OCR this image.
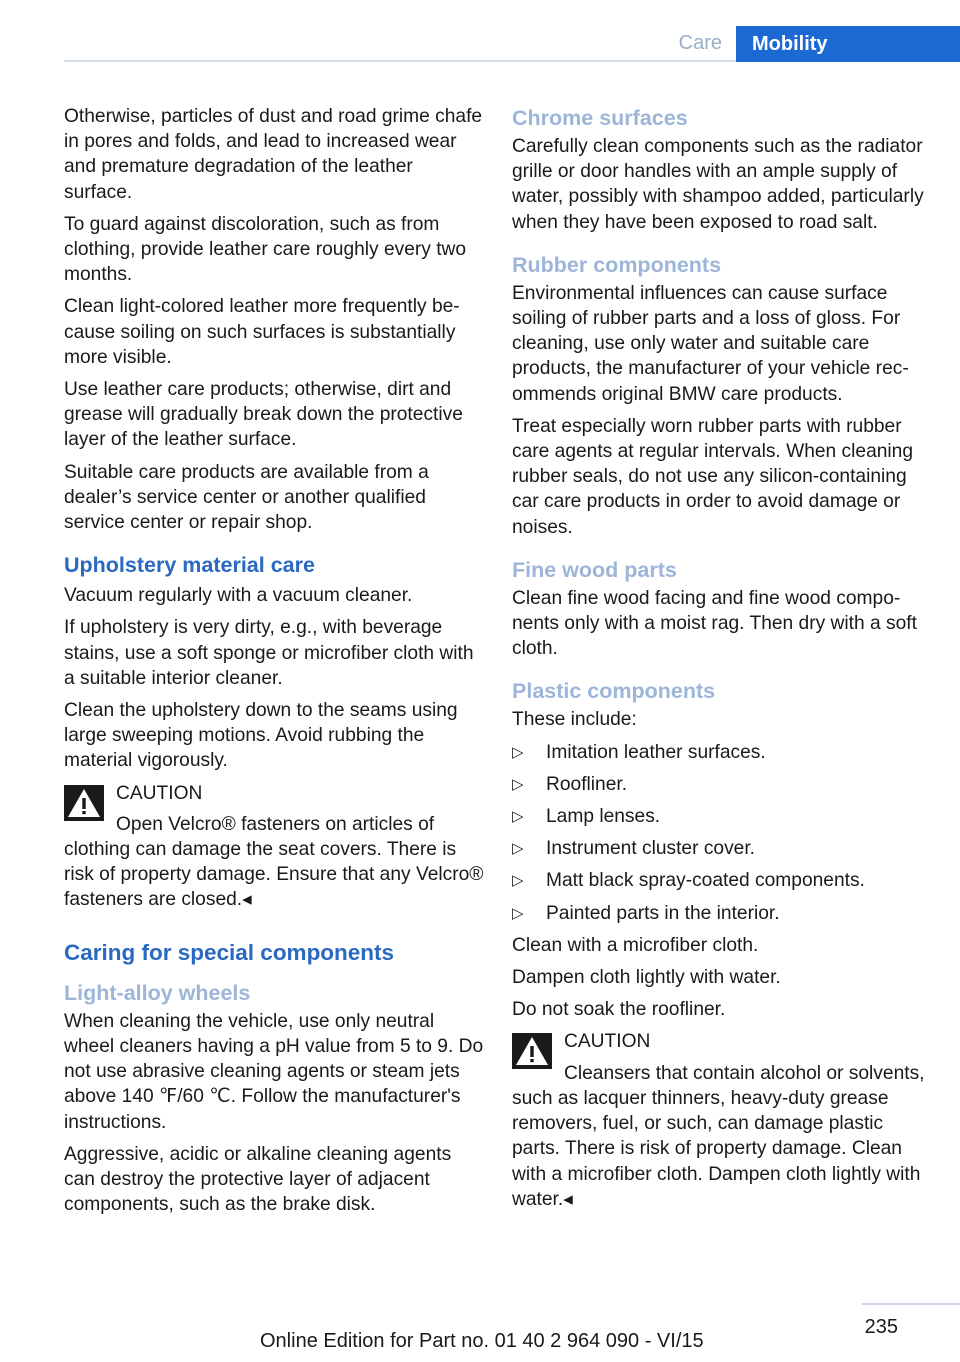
Care	Mobility

Otherwise, particles of dust and road grime chafe in pores and folds, and lead to increased wear and premature degradation of the leather surface.

To guard against discoloration, such as from clothing, provide leather care roughly every two months.

Clean light-colored leather more frequently because soiling on such surfaces is substantially more visible.

Use leather care products; otherwise, dirt and grease will gradually break down the protective layer of the leather surface.

Suitable care products are available from a dealer’s service center or another qualified service center or repair shop.

Upholstery material care

Vacuum regularly with a vacuum cleaner.

If upholstery is very dirty, e.g., with beverage stains, use a soft sponge or microfiber cloth with a suitable interior cleaner.

Clean the upholstery down to the seams using large sweeping motions. Avoid rubbing the material vigorously.

CAUTION

Open Velcro® fasteners on articles of clothing can damage the seat covers. There is risk of property damage. Ensure that any Velcro® fasteners are closed.◂

Caring for special components
Light-alloy wheels

When cleaning the vehicle, use only neutral wheel cleaners having a pH value from 5 to 9. Do not use abrasive cleaning agents or steam jets above 140 ℉/60 ℃. Follow the manufacturer's instructions.

Aggressive, acidic or alkaline cleaning agents can destroy the protective layer of adjacent components, such as the brake disk.

Chrome surfaces

Carefully clean components such as the radiator grille or door handles with an ample supply of water, possibly with shampoo added, particularly when they have been exposed to road salt.

Rubber components

Environmental influences can cause surface soiling of rubber parts and a loss of gloss. For cleaning, use only water and suitable care products, the manufacturer of your vehicle recommends original BMW care products.

Treat especially worn rubber parts with rubber care agents at regular intervals. When cleaning rubber seals, do not use any silicon-containing car care products in order to avoid damage or noises.

Fine wood parts

Clean fine wood facing and fine wood components only with a moist rag. Then dry with a soft cloth.

Plastic components

These include:

▷ Imitation leather surfaces.
▷ Roofliner.
▷ Lamp lenses.
▷ Instrument cluster cover.
▷ Matt black spray-coated components.
▷ Painted parts in the interior.

Clean with a microfiber cloth.

Dampen cloth lightly with water.

Do not soak the roofliner.

CAUTION

Cleansers that contain alcohol or solvents, such as lacquer thinners, heavy-duty grease removers, fuel, or such, can damage plastic parts. There is risk of property damage. Clean with a microfiber cloth. Dampen cloth lightly with water.◂

235
Online Edition for Part no. 01 40 2 964 090 - VI/15
